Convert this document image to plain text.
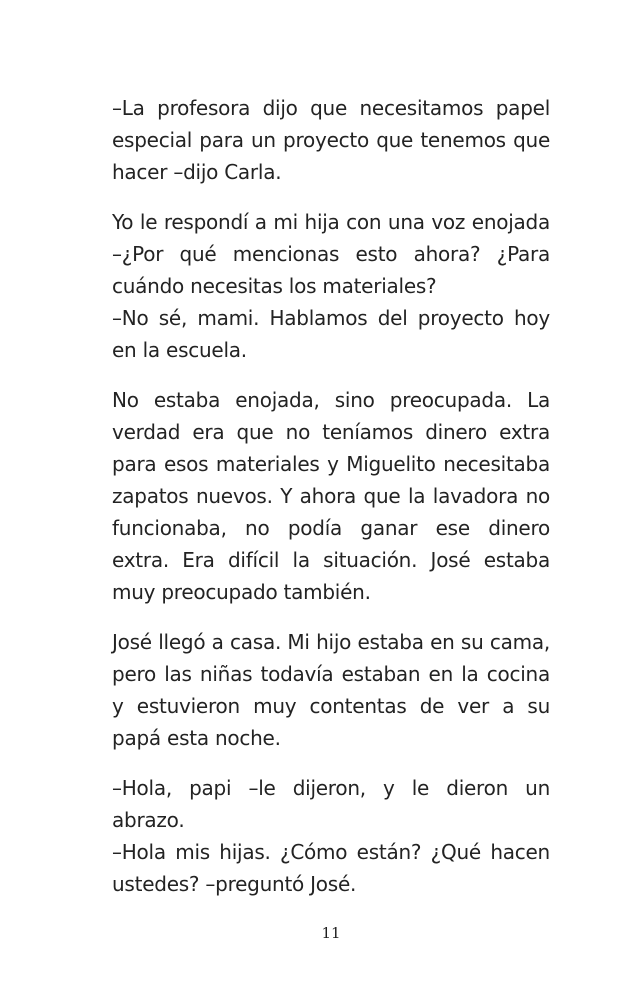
–La profesora dijo que necesitamos papel especial para un proyecto que tenemos que hacer –dijo Carla.

Yo le respondí a mi hija con una voz enojada –¿Por qué mencionas esto ahora? ¿Para cuándo necesitas los materiales?

–No sé, mami. Hablamos del proyecto hoy en la escuela.

No estaba enojada, sino preocupada. La verdad era que no teníamos dinero extra para esos materiales y Miguelito necesitaba zapatos nuevos. Y ahora que la lavadora no funcionaba, no podía ganar ese dinero extra. Era difícil la situación. José estaba muy preocupado también.

José llegó a casa. Mi hijo estaba en su cama, pero las niñas todavía estaban en la cocina y estuvieron muy contentas de ver a su papá esta noche.

–Hola, papi –le dijeron, y le dieron un abrazo.

–Hola mis hijas. ¿Cómo están? ¿Qué hacen ustedes? –preguntó José.

11
